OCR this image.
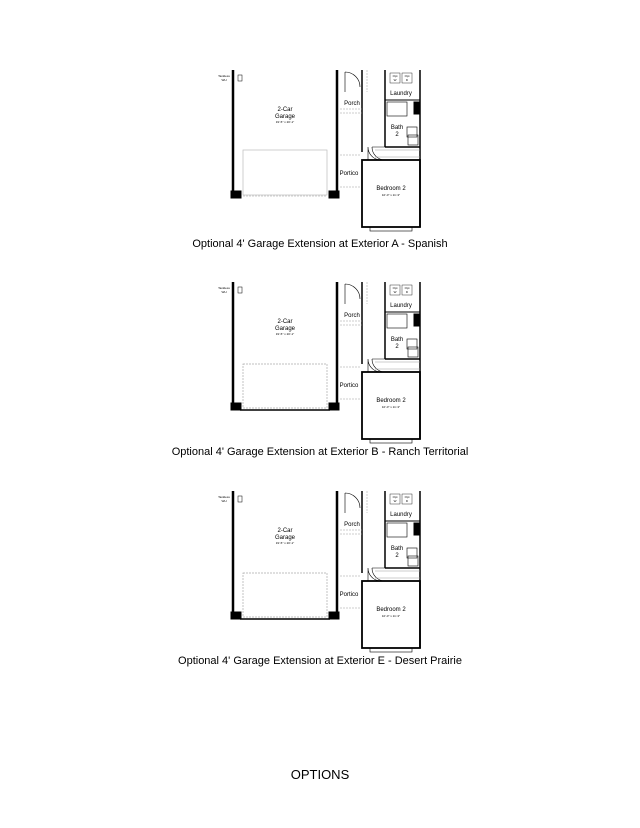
Tankless
WH
2-Car
Garage
19'-5" x 20'-1"
Porch
Portico
Opt
W
Opt
D
Laundry
Bath
2
Bedroom 2
10'-0" x 11'-3"
Optional 4' Garage Extension at Exterior A - Spanish
Tankless
WH
2-Car
Garage
19'-5" x 20'-1"
Porch
Portico
Opt
W
Opt
D
Laundry
Bath
2
Bedroom 2
10'-0" x 11'-3"
Optional 4' Garage Extension at Exterior B - Ranch Territorial
Tankless
WH
2-Car
Garage
19'-5" x 20'-1"
Porch
Portico
Opt
W
Opt
D
Laundry
Bath
2
Bedroom 2
10'-0" x 11'-3"
Optional 4' Garage Extension at Exterior E - Desert Prairie
OPTIONS
